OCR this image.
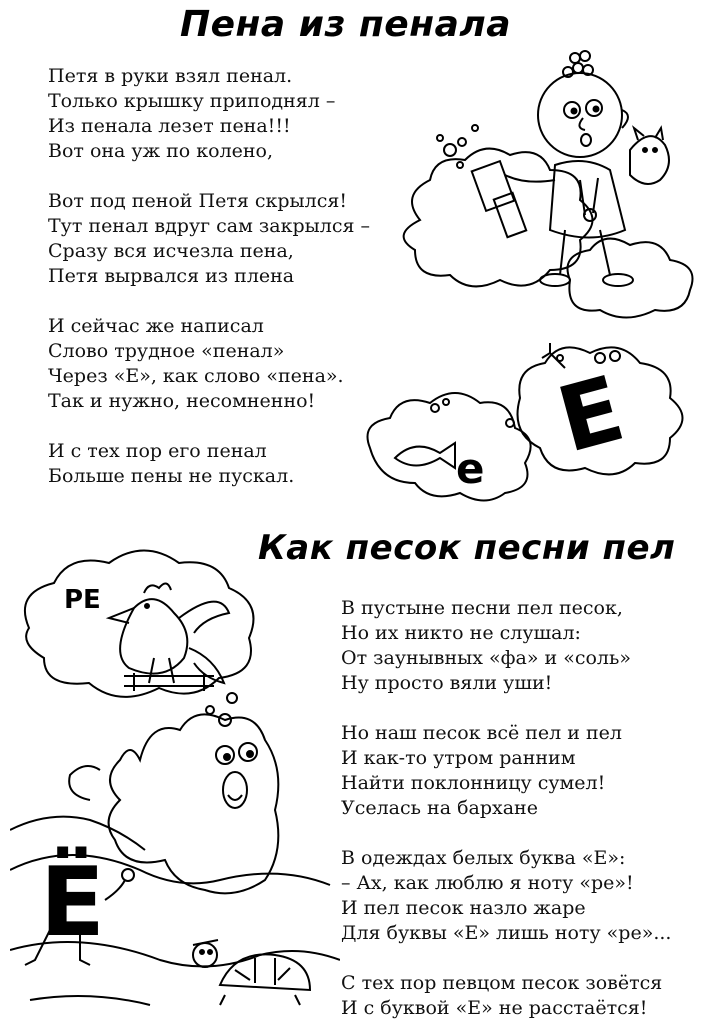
Пена из пенала
Петя в руки взял пенал.
Только крышку приподнял –
Из пенала лезет пена!!!
Вот она уж по колено,
Вот под пеной Петя скрылся!
Тут пенал вдруг сам закрылся –
Сразу вся исчезла пена,
Петя вырвался из плена
И сейчас же написал
Слово трудное «пенал»
Через «Е», как слово «пена».
Так и нужно, несомненно!
И с тех пор его пенал
Больше пены не пускал.	е Е
Как песок песни пел
РЕ	В пустыне песни пел песок,
Но их никто не слушал:
От заунывных «фа» и «соль»
Ну просто вяли уши!
Но наш песок всё пел и пел
И как-то утром ранним
Найти поклонницу сумел!
Уселась на бархане
В одеждах белых буква «Е»:
– Ах, как люблю я ноту «ре»!
И пел песок назло жаре
Для буквы «Е» лишь ноту «ре»...
С тех пор певцом песок зовётся
И с буквой «Е» не расстаётся!
Ё
